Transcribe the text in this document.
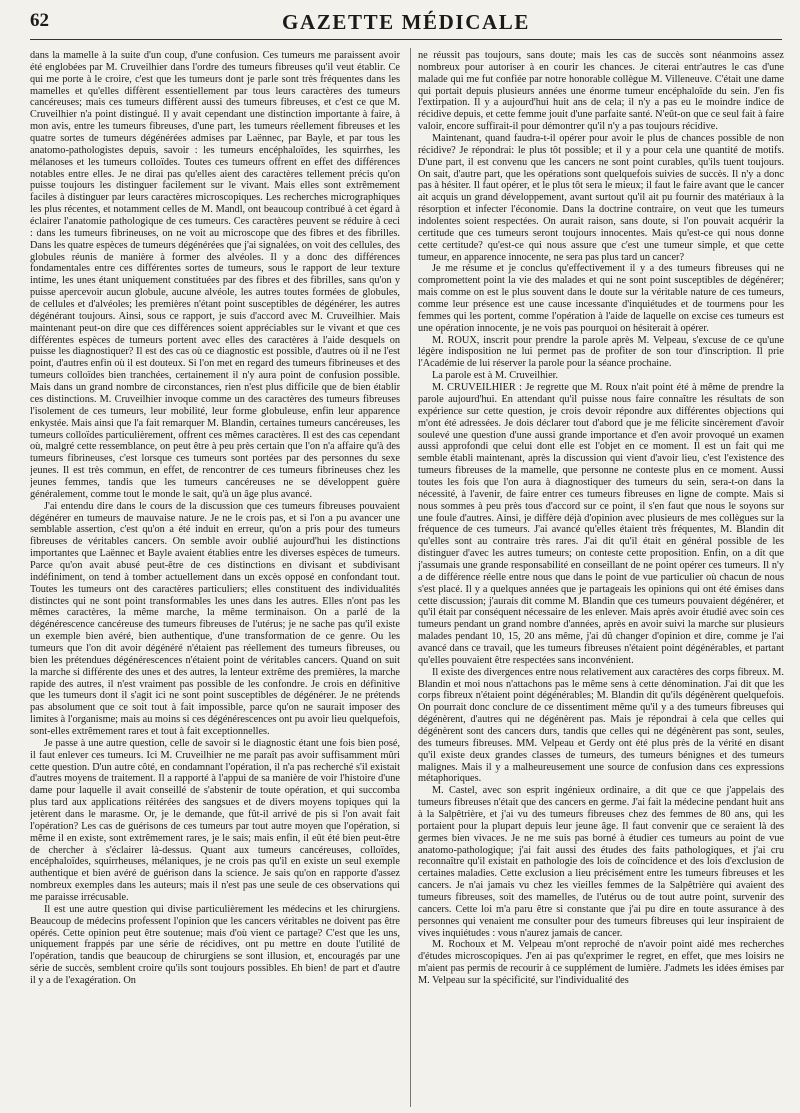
62	GAZETTE MÉDICALE

dans la mamelle à la suite d'un coup, d'une confusion. Ces tumeurs me paraissent avoir été englobées par M. Cruveilhier dans l'ordre des tumeurs fibreuses qu'il veut établir. Ce qui me porte à le croire, c'est que les tumeurs dont je parle sont très fréquentes dans les mamelles et qu'elles diffèrent essentiellement par tous leurs caractères des tumeurs cancéreuses; mais ces tumeurs diffèrent aussi des tumeurs fibreuses, et c'est ce que M. Cruveilhier n'a point distingué. Il y avait cependant une distinction importante à faire, à mon avis, entre les tumeurs fibreuses, d'une part, les tumeurs réellement fibreuses et les quatre sortes de tumeurs dégénérées admises par Laënnec, par Bayle, et par tous les anatomo-pathologistes depuis, savoir : les tumeurs encéphaloïdes, les squirrhes, les mélanoses et les tumeurs colloïdes. Toutes ces tumeurs offrent en effet des différences notables entre elles. Je ne dirai pas qu'elles aient des caractères tellement précis qu'on puisse toujours les distinguer facilement sur le vivant. Mais elles sont extrêmement faciles à distinguer par leurs caractères microscopiques. Les recherches micrographiques les plus récentes, et notamment celles de M. Mandl, ont beaucoup contribué à cet égard à éclairer l'anatomie pathologique de ces tumeurs. Ces caractères peuvent se réduire à ceci : dans les tumeurs fibrineuses, on ne voit au microscope que des fibres et des fibrilles. Dans les quatre espèces de tumeurs dégénérées que j'ai signalées, on voit des cellules, des globules réunis de manière à former des alvéoles. Il y a donc des différences fondamentales entre ces différentes sortes de tumeurs, sous le rapport de leur texture intime, les unes étant uniquement constituées par des fibres et des fibrilles, sans qu'on y puisse apercevoir aucun globule, aucune alvéole, les autres toutes formées de globules, de cellules et d'alvéoles; les premières n'étant point susceptibles de dégénérer, les autres dégénérant toujours. Ainsi, sous ce rapport, je suis d'accord avec M. Cruveilhier. Mais maintenant peut-on dire que ces différences soient appréciables sur le vivant et que ces différentes espèces de tumeurs portent avec elles des caractères à l'aide desquels on puisse les diagnostiquer? Il est des cas où ce diagnostic est possible, d'autres où il ne l'est point, d'autres enfin où il est douteux. Si l'on met en regard des tumeurs fibrineuses et des tumeurs colloïdes bien tranchées, certainement il n'y aura point de confusion possible. Mais dans un grand nombre de circonstances, rien n'est plus difficile que de bien établir ces distinctions. M. Cruveilhier invoque comme un des caractères des tumeurs fibreuses l'isolement de ces tumeurs, leur mobilité, leur forme globuleuse, enfin leur apparence enkystée. Mais ainsi que l'a fait remarquer M. Blandin, certaines tumeurs cancéreuses, les tumeurs colloïdes particulièrement, offrent ces mêmes caractères. Il est des cas cependant où, malgré cette ressemblance, on peut être à peu près certain que l'on n'a affaire qu'à des tumeurs fibrineuses, c'est lorsque ces tumeurs sont portées par des personnes du sexe jeunes. Il est très commun, en effet, de rencontrer de ces tumeurs fibrineuses chez les jeunes femmes, tandis que les tumeurs cancéreuses ne se développent guère généralement, comme tout le monde le sait, qu'à un âge plus avancé.

J'ai entendu dire dans le cours de la discussion que ces tumeurs fibreuses pouvaient dégénérer en tumeurs de mauvaise nature. Je ne le crois pas, et si l'on a pu avancer une semblable assertion, c'est qu'on a été induit en erreur, qu'on a pris pour des tumeurs fibreuses de véritables cancers. On semble avoir oublié aujourd'hui les distinctions importantes que Laënnec et Bayle avaient établies entre les diverses espèces de tumeurs. Parce qu'on avait abusé peut-être de ces distinctions en divisant et subdivisant indéfiniment, on tend à tomber actuellement dans un excès opposé en confondant tout. Toutes les tumeurs ont des caractères particuliers; elles constituent des individualités distinctes qui ne sont point transformables les unes dans les autres. Elles n'ont pas les mêmes caractères, la même marche, la même terminaison. On a parlé de la dégénérescence cancéreuse des tumeurs fibreuses de l'utérus; je ne sache pas qu'il existe un exemple bien avéré, bien authentique, d'une transformation de ce genre. Ou les tumeurs que l'on dit avoir dégénéré n'étaient pas réellement des tumeurs fibreuses, ou bien les prétendues dégénérescences n'étaient point de véritables cancers. Quand on suit la marche si différente des unes et des autres, la lenteur extrême des premières, la marche rapide des autres, il n'est vraiment pas possible de les confondre. Je crois en définitive que les tumeurs dont il s'agit ici ne sont point susceptibles de dégénérer. Je ne prétends pas absolument que ce soit tout à fait impossible, parce qu'on ne saurait imposer des limites à l'organisme; mais au moins si ces dégénérescences ont pu avoir lieu quelquefois, sont-elles extrêmement rares et tout à fait exceptionnelles.

Je passe à une autre question, celle de savoir si le diagnostic étant une fois bien posé, il faut enlever ces tumeurs. Ici M. Cruveilhier ne me paraît pas avoir suffisamment mûri cette question. D'un autre côté, en condamnant l'opération, il n'a pas recherché s'il existait d'autres moyens de traitement. Il a rapporté à l'appui de sa manière de voir l'histoire d'une dame pour laquelle il avait conseillé de s'abstenir de toute opération, et qui succomba plus tard aux applications réitérées des sangsues et de divers moyens topiques qui la jetèrent dans le marasme. Or, je le demande, que fût-il arrivé de pis si l'on avait fait l'opération? Les cas de guérisons de ces tumeurs par tout autre moyen que l'opération, si même il en existe, sont extrêmement rares, je le sais; mais enfin, il eût été bien peut-être de chercher à s'éclairer là-dessus. Quant aux tumeurs cancéreuses, colloïdes, encéphaloïdes, squirrheuses, mélaniques, je ne crois pas qu'il en existe un seul exemple authentique et bien avéré de guérison dans la science. Je sais qu'on en rapporte d'assez nombreux exemples dans les auteurs; mais il n'est pas une seule de ces observations qui me paraisse irrécusable.

Il est une autre question qui divise particulièrement les médecins et les chirurgiens. Beaucoup de médecins professent l'opinion que les cancers véritables ne doivent pas être opérés. Cette opinion peut être soutenue; mais d'où vient ce partage? C'est que les uns, uniquement frappés par une série de récidives, ont pu mettre en doute l'utilité de l'opération, tandis que beaucoup de chirurgiens se sont illusion, et, encouragés par une série de succès, semblent croire qu'ils sont toujours possibles. Eh bien! de part et d'autre il y a de l'exagération. On

ne réussit pas toujours, sans doute; mais les cas de succès sont néanmoins assez nombreux pour autoriser à en courir les chances. Je citerai entr'autres le cas d'une malade qui me fut confiée par notre honorable collègue M. Villeneuve. C'était une dame qui portait depuis plusieurs années une énorme tumeur encéphaloïde du sein. J'en fis l'extirpation. Il y a aujourd'hui huit ans de cela; il n'y a pas eu le moindre indice de récidive depuis, et cette femme jouit d'une parfaite santé. N'eût-on que ce seul fait à faire valoir, encore suffirait-il pour démontrer qu'il n'y a pas toujours récidive.

Maintenant, quand faudra-t-il opérer pour avoir le plus de chances possible de non récidive? Je répondrai: le plus tôt possible; et il y a pour cela une quantité de motifs. D'une part, il est convenu que les cancers ne sont point curables, qu'ils tuent toujours. On sait, d'autre part, que les opérations sont quelquefois suivies de succès. Il n'y a donc pas à hésiter. Il faut opérer, et le plus tôt sera le mieux; il faut le faire avant que le cancer ait acquis un grand développement, avant surtout qu'il ait pu fournir des matériaux à la résorption et infecter l'économie. Dans la doctrine contraire, on veut que les tumeurs indolentes soient respectées. On aurait raison, sans doute, si l'on pouvait acquérir la certitude que ces tumeurs seront toujours innocentes. Mais qu'est-ce qui nous donne cette certitude? qu'est-ce qui nous assure que c'est une tumeur simple, et que cette tumeur, en apparence innocente, ne sera pas plus tard un cancer?

Je me résume et je conclus qu'effectivement il y a des tumeurs fibreuses qui ne compromettent point la vie des malades et qui ne sont point susceptibles de dégénérer; mais comme on est le plus souvent dans le doute sur la véritable nature de ces tumeurs, comme leur présence est une cause incessante d'inquiétudes et de tourmens pour les femmes qui les portent, comme l'opération à l'aide de laquelle on excise ces tumeurs est une opération innocente, je ne vois pas pourquoi on hésiterait à opérer.

M. ROUX, inscrit pour prendre la parole après M. Velpeau, s'excuse de ce qu'une légère indisposition ne lui permet pas de profiter de son tour d'inscription. Il prie l'Académie de lui réserver la parole pour la séance prochaine.

La parole est à M. Cruveilhier.

M. CRUVEILHIER : Je regrette que M. Roux n'ait point été à même de prendre la parole aujourd'hui. En attendant qu'il puisse nous faire connaître les résultats de son expérience sur cette question, je crois devoir répondre aux différentes objections qui m'ont été adressées. Je dois déclarer tout d'abord que je me félicite sincèrement d'avoir soulevé une question d'une aussi grande importance et d'en avoir provoqué un examen aussi approfondi que celui dont elle est l'objet en ce moment. Il est un fait qui me semble établi maintenant, après la discussion qui vient d'avoir lieu, c'est l'existence des tumeurs fibreuses de la mamelle, que personne ne conteste plus en ce moment. Aussi toutes les fois que l'on aura à diagnostiquer des tumeurs du sein, sera-t-on dans la nécessité, à l'avenir, de faire entrer ces tumeurs fibreuses en ligne de compte. Mais si nous sommes à peu près tous d'accord sur ce point, il s'en faut que nous le soyons sur une foule d'autres. Ainsi, je diffère déjà d'opinion avec plusieurs de mes collègues sur la fréquence de ces tumeurs. J'ai avancé qu'elles étaient très fréquentes, M. Blandin dit qu'elles sont au contraire très rares. J'ai dit qu'il était en général possible de les distinguer d'avec les autres tumeurs; on conteste cette proposition. Enfin, on a dit que j'assumais une grande responsabilité en conseillant de ne point opérer ces tumeurs. Il n'y a de différence réelle entre nous que dans le point de vue particulier où chacun de nous s'est placé. Il y a quelques années que je partageais les opinions qui ont été émises dans cette discussion; j'aurais dit comme M. Blandin que ces tumeurs pouvaient dégénérer, et qu'il était par conséquent nécessaire de les enlever. Mais après avoir étudié avec soin ces tumeurs pendant un grand nombre d'années, après en avoir suivi la marche sur plusieurs malades pendant 10, 15, 20 ans même, j'ai dû changer d'opinion et dire, comme je l'ai avancé dans ce travail, que les tumeurs fibreuses n'étaient point dégénérables, et partant qu'elles pouvaient être respectées sans inconvénient.

Il existe des divergences entre nous relativement aux caractères des corps fibreux. M. Blandin et moi nous n'attachons pas le même sens à cette dénomination. J'ai dit que les corps fibreux n'étaient point dégénérables; M. Blandin dit qu'ils dégénèrent quelquefois. On pourrait donc conclure de ce dissentiment même qu'il y a des tumeurs fibreuses qui dégénèrent, d'autres qui ne dégénèrent pas. Mais je répondrai à cela que celles qui dégénèrent sont des cancers durs, tandis que celles qui ne dégénèrent pas sont, seules, des tumeurs fibreuses. MM. Velpeau et Gerdy ont été plus près de la vérité en disant qu'il existe deux grandes classes de tumeurs, des tumeurs bénignes et des tumeurs malignes. Mais il y a malheureusement une source de confusion dans ces expressions métaphoriques.

M. Castel, avec son esprit ingénieux ordinaire, a dit que ce que j'appelais des tumeurs fibreuses n'était que des cancers en germe. J'ai fait la médecine pendant huit ans à la Salpêtrière, et j'ai vu des tumeurs fibreuses chez des femmes de 80 ans, qui les portaient pour la plupart depuis leur jeune âge. Il faut convenir que ce seraient là des germes bien vivaces. Je ne me suis pas borné à étudier ces tumeurs au point de vue anatomo-pathologique; j'ai fait aussi des études des faits pathologiques, et j'ai cru reconnaître qu'il existait en pathologie des lois de coïncidence et des lois d'exclusion de certaines maladies. Cette exclusion a lieu précisément entre les tumeurs fibreuses et les cancers. Je n'ai jamais vu chez les vieilles femmes de la Salpêtrière qui avaient des tumeurs fibreuses, soit des mamelles, de l'utérus ou de tout autre point, survenir des cancers. Cette loi m'a paru être si constante que j'ai pu dire en toute assurance à des personnes qui venaient me consulter pour des tumeurs fibreuses qui leur inspiraient de vives inquiétudes : vous n'aurez jamais de cancer.

M. Rochoux et M. Velpeau m'ont reproché de n'avoir point aidé mes recherches d'études microscopiques. J'en ai pas qu'exprimer le regret, en effet, que mes loisirs ne m'aient pas permis de recourir à ce supplément de lumière. J'admets les idées émises par M. Velpeau sur la spécificité, sur l'individualité des
